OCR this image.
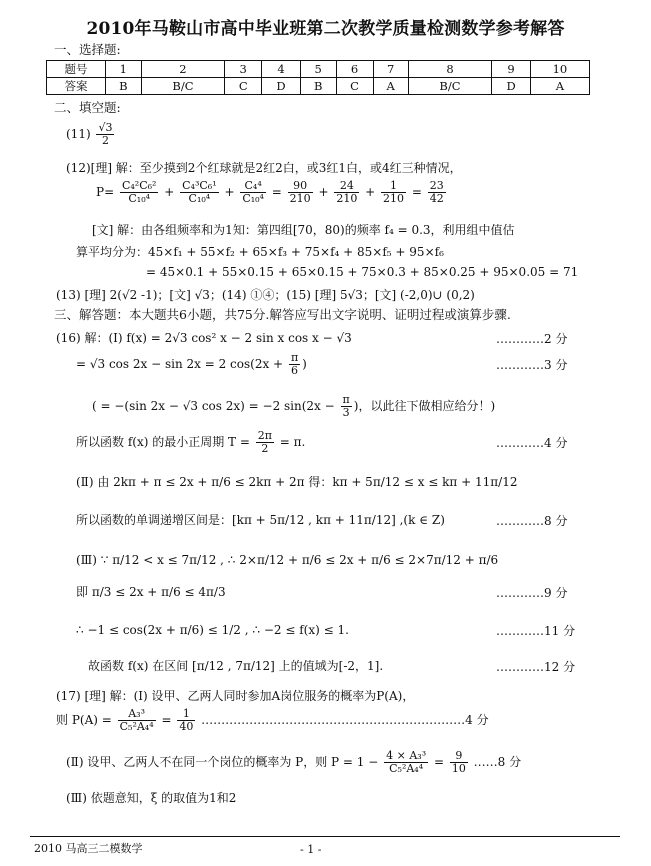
2010年马鞍山市高中毕业班第二次教学质量检测数学参考解答
一、选择题:
题号	1	2	3	4	5	6	7	8	9	10
答案	B	B/C	C	D	B	C	A	B/C	D	A
二、填空题:
$(11) \frac{√3}{2}$
(12)[理] 解：至少摸到2个红球就是2红2白，或3红1白，或4红三种情况，
$P= \frac{\text{C₄²C₆²}}{\text{C₁₀⁴}} + \frac{\text{C₄³C₆¹}}{\text{C₁₀⁴}} + \frac{\text{C₄⁴}}{\text{C₁₀⁴}} = \frac{90}{210} + \frac{24}{210} + \frac{1}{210} = \frac{23}{42}$
[文] 解：由各组频率和为1知：第四组[70，80)的频率 f₄ = 0.3，利用组中值估
算平均分为：45×f₁ + 55×f₂ + 65×f₃ + 75×f₄ + 85×f₅ + 95×f₆
= 45×0.1 + 55×0.15 + 65×0.15 + 75×0.3 + 85×0.25 + 95×0.05 = 71
(13) [理] 2(√2 -1)；[文] √3；(14) ①④；(15) [理] 5√3；[文] (-2,0)∪ (0,2)
三、解答题：本大题共6小题，共75分.解答应写出文字说明、证明过程或演算步骤.
(16) 解：(Ⅰ) f(x) = 2√3 cos² x − 2 sin x cos x − √3	…………2 分
= √3 cos 2x − sin 2x = 2 $\cos(2x + \frac{\pi}{6}$ )	…………3 分
( = −(sin 2x − √3 cos 2x) = −2 $\sin(2x - \frac{\pi}{3}$ )，以此往下做相应给分！)
所以函数 f(x) 的最小正周期 $T = \frac{2\pi}{2} = \pi$.	…………4 分
(Ⅱ) 由 2kπ + π ≤ 2x + π/6 ≤ 2kπ + 2π 得：kπ + 5π/12 ≤ x ≤ kπ + 11π/12
所以函数的单调递增区间是：[kπ + 5π/12 , kπ + 11π/12] ,(k ∈ Z)	…………8 分
(Ⅲ) ∵ π/12 < x ≤ 7π/12 , ∴ 2×π/12 + π/6 ≤ 2x + π/6 ≤ 2×7π/12 + π/6
即 π/3 ≤ 2x + π/6 ≤ 4π/3	…………9 分
∴ −1 ≤ cos(2x + π/6) ≤ 1/2 , ∴ −2 ≤ f(x) ≤ 1.	…………11 分
故函数 f(x) 在区间 [π/12 , 7π/12] 上的值域为[-2，1].	…………12 分
(17) [理] 解：(Ⅰ) 设甲、乙两人同时参加A岗位服务的概率为P(A)，
则 $P(A) = \frac{\text{A₃³}}{\text{C₅²A₄⁴}} = \frac{1}{40}$ …………………………………………………………4 分
(Ⅱ) 设甲、乙两人不在同一个岗位的概率为 P，则 $P = 1 - \frac{\text{4 × A₃³}}{\text{C₅²A₄⁴}} = \frac{9}{10}$ ……8 分
(Ⅲ) 依题意知，ξ 的取值为1和2
2010 马高三二模数学	- 1 -
